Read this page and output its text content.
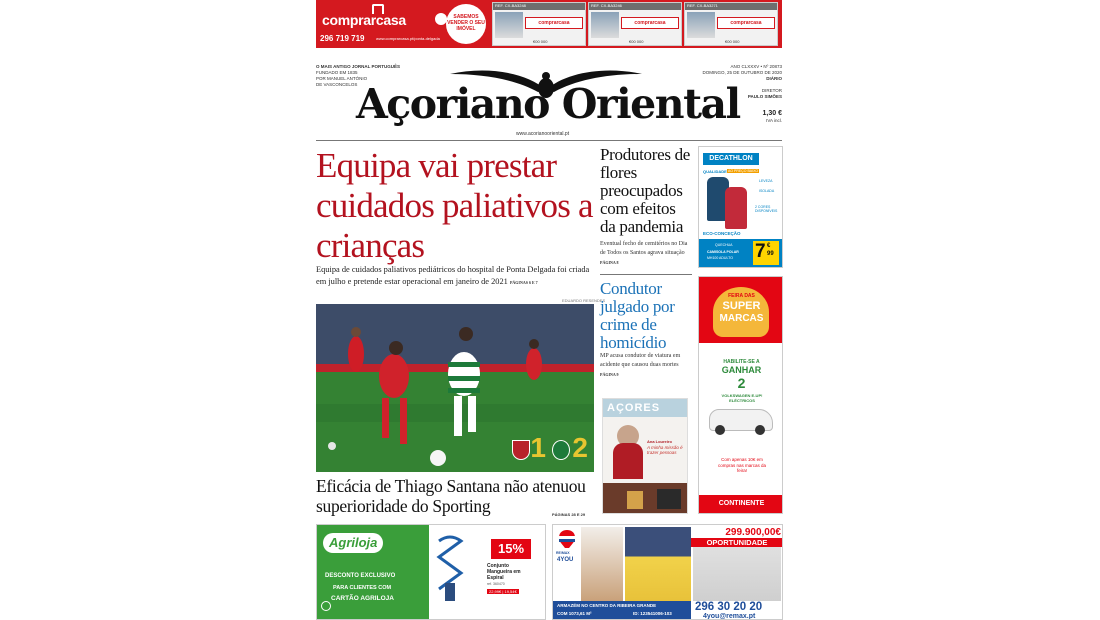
comprarcasa
296 719 719	www.comprarcasa.pt/ponta-delgada
SABEMOS VENDER O SEU IMÓVEL
REF. CX-BA3248
comprarcasa
€00 000
REF. CX-BA3246
comprarcasa
€00 000
REF. CX-BA3271
comprarcasa
€00 000
O MAIS ANTIGO JORNAL PORTUGUÊS
FUNDADO EM 1835
POR MANUEL ANTÓNIO
DE VASCONCELOS
Açoriano Oriental
www.acorianooriental.pt
ANO CLXXXV • Nº 20873
DOMINGO, 25 DE OUTUBRO DE 2020
DIÁRIO
DIRETOR
PAULO SIMÕES
1,30 €
IVA incl.
Equipa vai prestar cuidados paliativos a crianças
Equipa de cuidados paliativos pediátricos do hospital de Ponta Delgada foi criada em julho e pretende estar operacional em janeiro de 2021 PÁGINAS 6 E 7
EDUARDO RESENDES
1 2
Eficácia de Thiago Santana não atenuou superioridade do Sporting	PÁGINAS 28 E 29
Produtores de flores preocupados com efeitos da pandemia
Eventual fecho de cemitérios no Dia de Todos os Santos agrava situação PÁGINA 8
Condutor julgado por crime de homicídio
MP acusa condutor de viatura em acidente que causou duas mortes PÁGINA 9
AÇORES
Ana Loureiro
A minha missão é trazer pessoas
DECATHLON
QUALIDADE AO PREÇO BAIXO
LEVEZA
ISOLADA
2 CORES DISPONÍVEIS
ECO-CONCEÇÃO
QUECHUA
CAMISOLA POLAR
MH100 ADULTO 7 €
99
FEIRA DAS
SUPER
MARCAS
HABILITE-SE A
GANHAR
2
VOLKSWAGEN E-UP! ELÉCTRICOS
Com apenas 10€ em compras nas marcas da feira!
CONTINENTE
Agriloja
DESCONTO EXCLUSIVO
PARA CLIENTES COM
CARTÃO AGRILOJA
15%
Conjunto
Mangueira em
Espiral
ref. 360470
22,99€ | 19,54€
RE/MAX
4YOU
299.900,00€
OPORTUNIDADE
ARMAZÉM NO CENTRO DA RIBEIRA GRANDE
COM 1073,61 M²	ID: 123541006-103
296 30 20 20
4you@remax.pt
